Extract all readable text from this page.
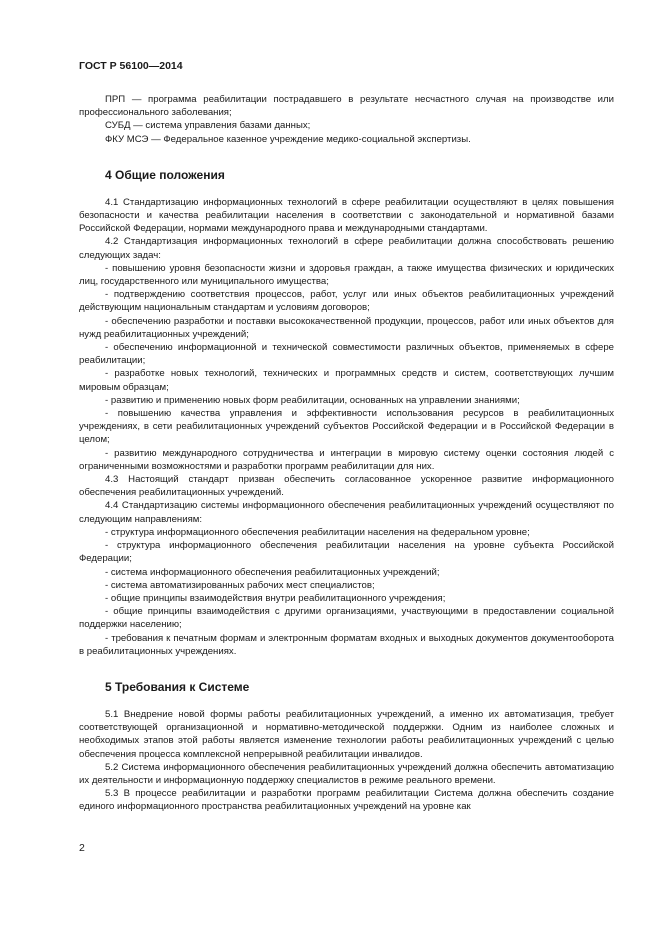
ГОСТ Р 56100—2014

ПРП — программа реабилитации пострадавшего в результате несчастного случая на производстве или профессионального заболевания;

СУБД — система управления базами данных;

ФКУ МСЭ — Федеральное казенное учреждение медико-социальной экспертизы.

4 Общие положения

4.1 Стандартизацию информационных технологий в сфере реабилитации осуществляют в целях повышения безопасности и качества реабилитации населения в соответствии с законодательной и нормативной базами Российской Федерации, нормами международного права и международными стандартами.

4.2 Стандартизация информационных технологий в сфере реабилитации должна способствовать решению следующих задач:

- повышению уровня безопасности жизни и здоровья граждан, а также имущества физических и юридических лиц, государственного или муниципального имущества;

- подтверждению соответствия процессов, работ, услуг или иных объектов реабилитационных учреждений действующим национальным стандартам и условиям договоров;

- обеспечению разработки и поставки высококачественной продукции, процессов, работ или иных объектов для нужд реабилитационных учреждений;

- обеспечению информационной и технической совместимости различных объектов, применяемых в сфере реабилитации;

- разработке новых технологий, технических и программных средств и систем, соответствующих лучшим мировым образцам;

- развитию и применению новых форм реабилитации, основанных на управлении знаниями;

- повышению качества управления и эффективности использования ресурсов в реабилитационных учреждениях, в сети реабилитационных учреждений субъектов Российской Федерации и в Российской Федерации в целом;

- развитию международного сотрудничества и интеграции в мировую систему оценки состояния людей с ограниченными возможностями и разработки программ реабилитации для них.

4.3 Настоящий стандарт призван обеспечить согласованное ускоренное развитие информационного обеспечения реабилитационных учреждений.

4.4 Стандартизацию системы информационного обеспечения реабилитационных учреждений осуществляют по следующим направлениям:

- структура информационного обеспечения реабилитации населения на федеральном уровне;

- структура информационного обеспечения реабилитации населения на уровне субъекта Российской Федерации;

- система информационного обеспечения реабилитационных учреждений;

- система автоматизированных рабочих мест специалистов;

- общие принципы взаимодействия внутри реабилитационного учреждения;

- общие принципы взаимодействия с другими организациями, участвующими в предоставлении социальной поддержки населению;

- требования к печатным формам и электронным форматам входных и выходных документов документооборота в реабилитационных учреждениях.

5 Требования к Системе

5.1 Внедрение новой формы работы реабилитационных учреждений, а именно их автоматизация, требует соответствующей организационной и нормативно-методической поддержки. Одним из наиболее сложных и необходимых этапов этой работы является изменение технологии работы реабилитационных учреждений с целью обеспечения процесса комплексной непрерывной реабилитации инвалидов.

5.2 Система информационного обеспечения реабилитационных учреждений должна обеспечить автоматизацию их деятельности и информационную поддержку специалистов в режиме реального времени.

5.3 В процессе реабилитации и разработки программ реабилитации Система должна обеспечить создание единого информационного пространства реабилитационных учреждений на уровне как

2
